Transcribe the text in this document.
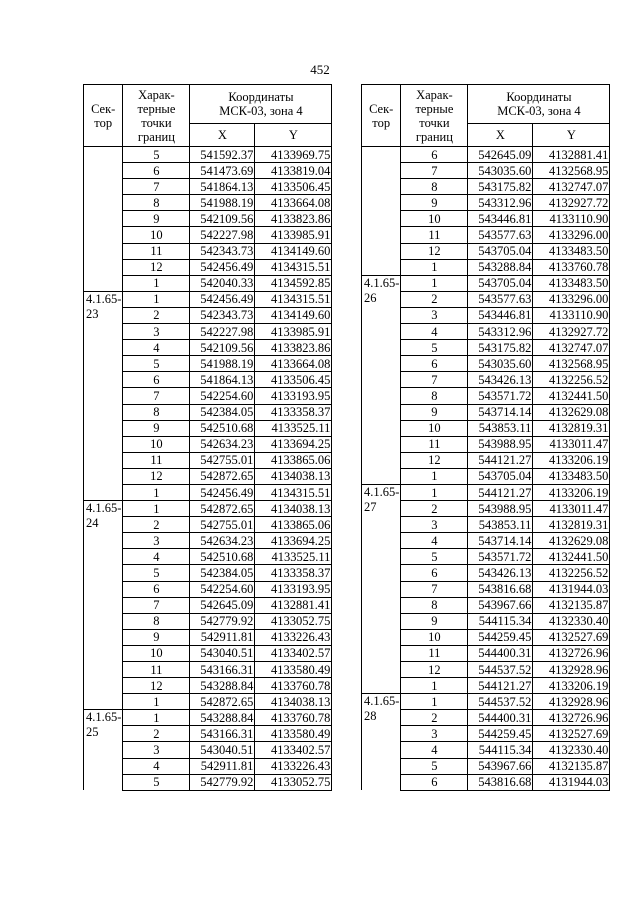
452
Сек-
тор	Харак-
терные
точки
границ	Координаты
МСК-03, зона 4	
		X	Y
	5	541592.37	4133969.75
	6	541473.69	4133819.04
	7	541864.13	4133506.45
	8	541988.19	4133664.08
	9	542109.56	4133823.86
	10	542227.98	4133985.91
	11	542343.73	4134149.60
	12	542456.49	4134315.51
	1	542040.33	4134592.85

4.1.65-
23	1	542456.49	4134315.51
	2	542343.73	4134149.60
	3	542227.98	4133985.91
	4	542109.56	4133823.86
	5	541988.19	4133664.08
	6	541864.13	4133506.45
	7	542254.60	4133193.95
	8	542384.05	4133358.37
	9	542510.68	4133525.11
	10	542634.23	4133694.25
	11	542755.01	4133865.06
	12	542872.65	4134038.13
	1	542456.49	4134315.51

4.1.65-
24	1	542872.65	4134038.13
	2	542755.01	4133865.06
	3	542634.23	4133694.25
	4	542510.68	4133525.11
	5	542384.05	4133358.37
	6	542254.60	4133193.95
	7	542645.09	4132881.41
	8	542779.92	4133052.75
	9	542911.81	4133226.43
	10	543040.51	4133402.57
	11	543166.31	4133580.49
	12	543288.84	4133760.78
	1	542872.65	4134038.13

4.1.65-
25	1	543288.84	4133760.78
	2	543166.31	4133580.49
	3	543040.51	4133402.57
	4	542911.81	4133226.43
	5	542779.92	4133052.75
Сек-
тор	Харак-
терные
точки
границ	Координаты
МСК-03, зона 4	
		X	Y
	6	542645.09	4132881.41
	7	543035.60	4132568.95
	8	543175.82	4132747.07
	9	543312.96	4132927.72
	10	543446.81	4133110.90
	11	543577.63	4133296.00
	12	543705.04	4133483.50
	1	543288.84	4133760.78

4.1.65-
26	1	543705.04	4133483.50
	2	543577.63	4133296.00
	3	543446.81	4133110.90
	4	543312.96	4132927.72
	5	543175.82	4132747.07
	6	543035.60	4132568.95
	7	543426.13	4132256.52
	8	543571.72	4132441.50
	9	543714.14	4132629.08
	10	543853.11	4132819.31
	11	543988.95	4133011.47
	12	544121.27	4133206.19
	1	543705.04	4133483.50

4.1.65-
27	1	544121.27	4133206.19
	2	543988.95	4133011.47
	3	543853.11	4132819.31
	4	543714.14	4132629.08
	5	543571.72	4132441.50
	6	543426.13	4132256.52
	7	543816.68	4131944.03
	8	543967.66	4132135.87
	9	544115.34	4132330.40
	10	544259.45	4132527.69
	11	544400.31	4132726.96
	12	544537.52	4132928.96
	1	544121.27	4133206.19

4.1.65-
28	1	544537.52	4132928.96
	2	544400.31	4132726.96
	3	544259.45	4132527.69
	4	544115.34	4132330.40
	5	543967.66	4132135.87
	6	543816.68	4131944.03
